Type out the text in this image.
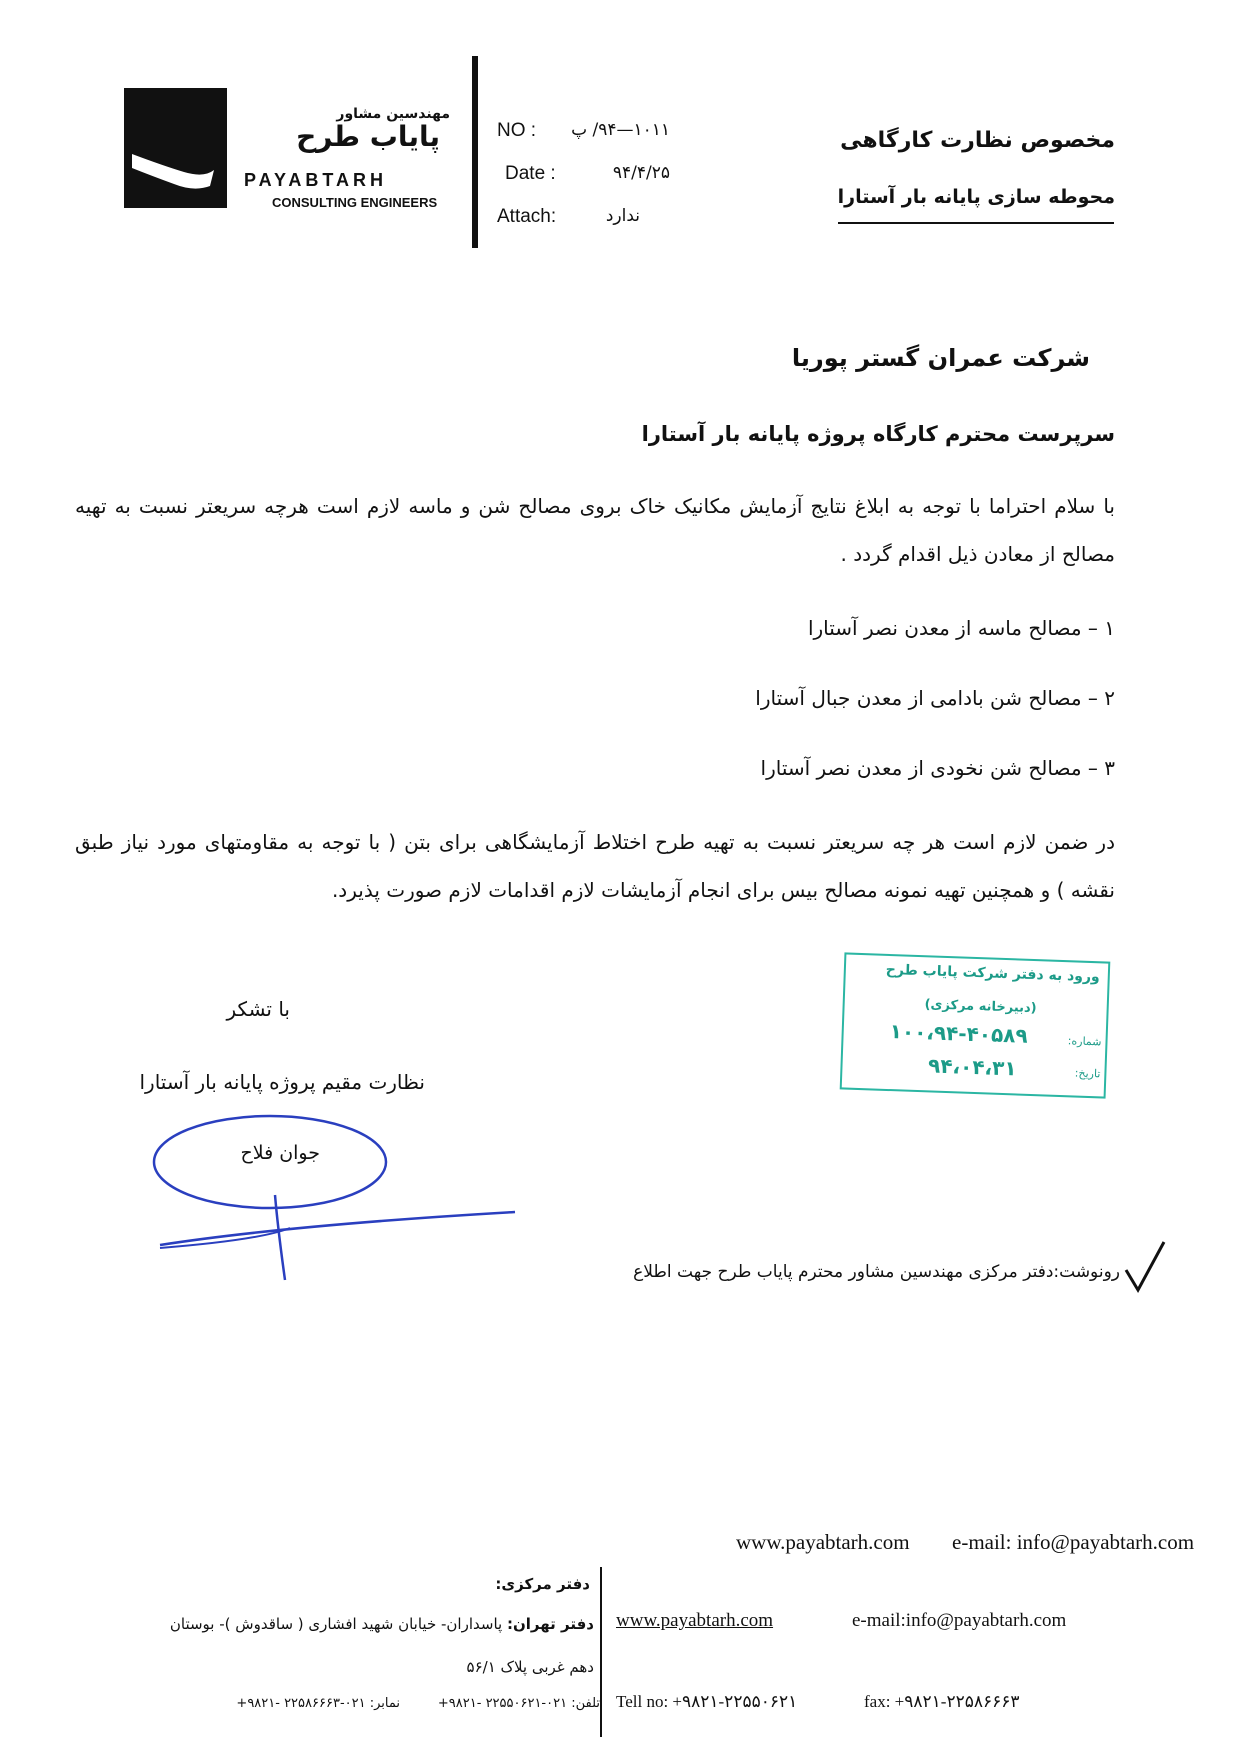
مهندسین مشاور
پایاب طرح
PAYABTARH
CONSULTING ENGINEERS
NO :	۱۰۱۱—۹۴/ پ
Date :	۹۴/۴/۲۵
Attach:	ندارد
مخصوص نظارت کارگاهی
محوطه سازی پایانه بار آستارا
شرکت عمران گستر پوریا
سرپرست محترم کارگاه پروژه پایانه بار آستارا
با سلام احتراما با توجه به ابلاغ نتایج آزمایش مکانیک خاک بروی مصالح شن و ماسه لازم است هرچه سریعتر نسبت به تهیه مصالح از معادن ذیل اقدام گردد .
۱ – مصالح ماسه از معدن نصر آستارا
۲ – مصالح شن بادامی از معدن جبال آستارا
۳ – مصالح شن نخودی از معدن نصر آستارا
در ضمن لازم است هر چه سریعتر نسبت به تهیه طرح اختلاط آزمایشگاهی برای بتن ( با توجه به مقاومتهای مورد نیاز طبق نقشه ) و همچنین تهیه نمونه مصالح بیس برای انجام آزمایشات لازم اقدامات لازم صورت پذیرد.
با تشکر
نظارت مقیم پروژه پایانه بار آستارا
جوان فلاح
ورود به دفتر شرکت پایاب طرح
(دبیرخانه مرکزی)
شماره:
۱۰۰،۹۴-۴۰۵۸۹
تاریخ:
۹۴،۰۴،۳۱
رونوشت:دفتر مرکزی مهندسین مشاور محترم پایاب طرح جهت اطلاع
www.payabtarh.com e-mail: info@payabtarh.com
دفتر مرکزی:
دفتر تهران: پاسداران- خیابان شهید افشاری ( ساقدوش )- بوستان
دهم غربی پلاک ۵۶/۱
تلفن: ۰۲۱-۲۲۵۵۰۶۲۱ -۹۸۲۱+
نمابر: ۰۲۱-۲۲۵۸۶۶۶۳ -۹۸۲۱+
www.payabtarh.com	e-mail:info@payabtarh.com
Tell no: +۹۸۲۱-۲۲۵۵۰۶۲۱	fax: +۹۸۲۱-۲۲۵۸۶۶۶۳
